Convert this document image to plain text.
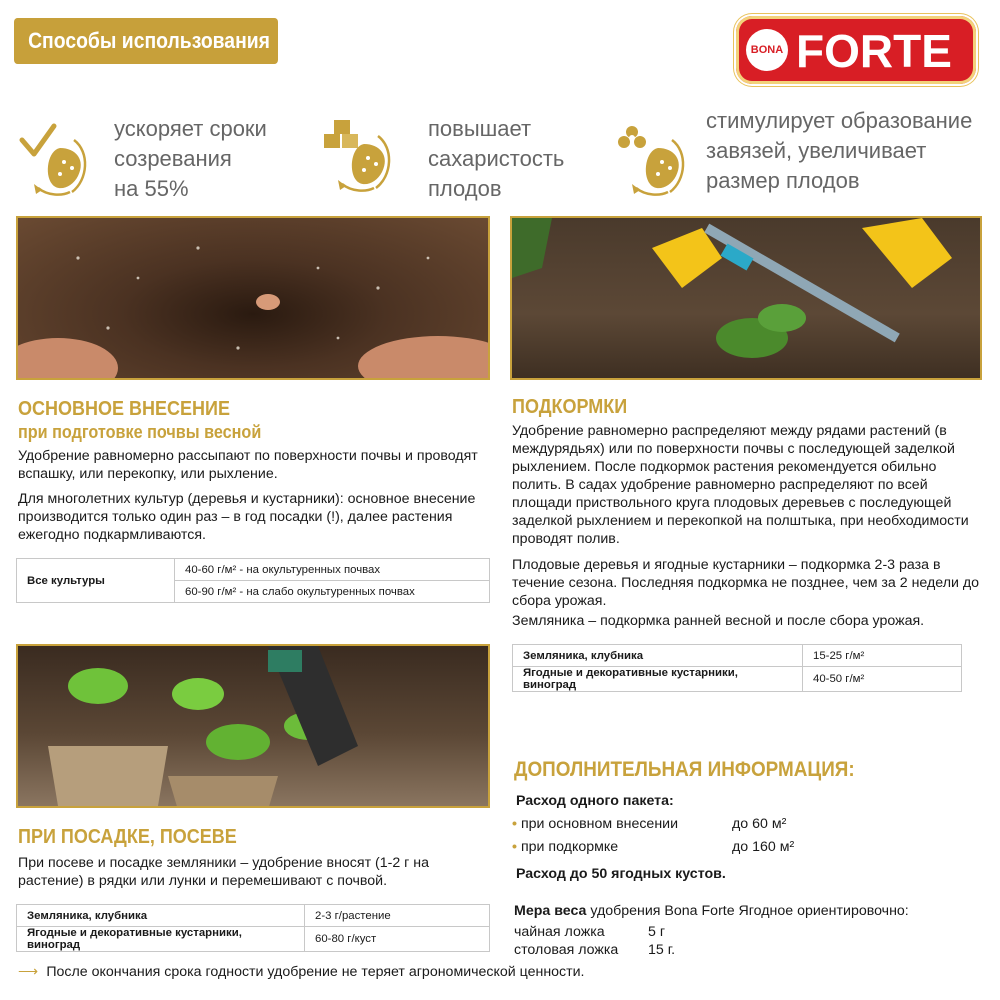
Способы использования	BONA FORTE
ускоряет сроки
созревания
на 55%
повышает
сахаристость
плодов
стимулирует образование
завязей, увеличивает
размер плодов
ОСНОВНОЕ ВНЕСЕНИЕ
при подготовке почвы весной
Удобрение равномерно рассыпают по поверхности почвы и проводят вспашку, или перекопку, или рыхление.
Для многолетних культур (деревья и кустарники): основное внесение производится только один раз – в год посадки (!), далее растения ежегодно подкармливаются.
Все культуры	40-60 г/м² - на окультуренных почвах
60-90 г/м² - на слабо окультуренных почвах
ПРИ ПОСАДКЕ, ПОСЕВЕ
При посеве и посадке земляники – удобрение вносят (1-2 г на растение) в рядки или лунки и перемешивают с почвой.
Земляника, клубника	2-3 г/растение
Ягодные и декоративные кустарники, виноград	60-80 г/куст
ПОДКОРМКИ
Удобрение равномерно распределяют между рядами растений (в междурядьях) или по поверхности почвы с последующей заделкой рыхлением. После подкормок растения рекомендуется обильно полить. В садах удобрение равномерно распределяют по всей площади приствольного круга плодовых деревьев с последующей заделкой рыхлением и перекопкой на полштыка, при необходимости проводят полив.
Плодовые деревья и ягодные кустарники – подкормка 2-3 раза в течение сезона. Последняя подкормка не позднее, чем за 2 недели до сбора урожая.
Земляника – подкормка ранней весной и после сбора урожая.
Земляника, клубника	15-25 г/м²
Ягодные и декоративные кустарники, виноград	40-50 г/м²
ДОПОЛНИТЕЛЬНАЯ ИНФОРМАЦИЯ:
Расход одного пакета:
• при основном внесении	до 60 м²
• при подкормке	до 160 м²
Расход до 50 ягодных кустов.
Мера веса удобрения Bona Forte Ягодное ориентировочно:
чайная ложка	5 г
столовая ложка 15 г.
⟶ После окончания срока годности удобрение не теряет агрономической ценности.
